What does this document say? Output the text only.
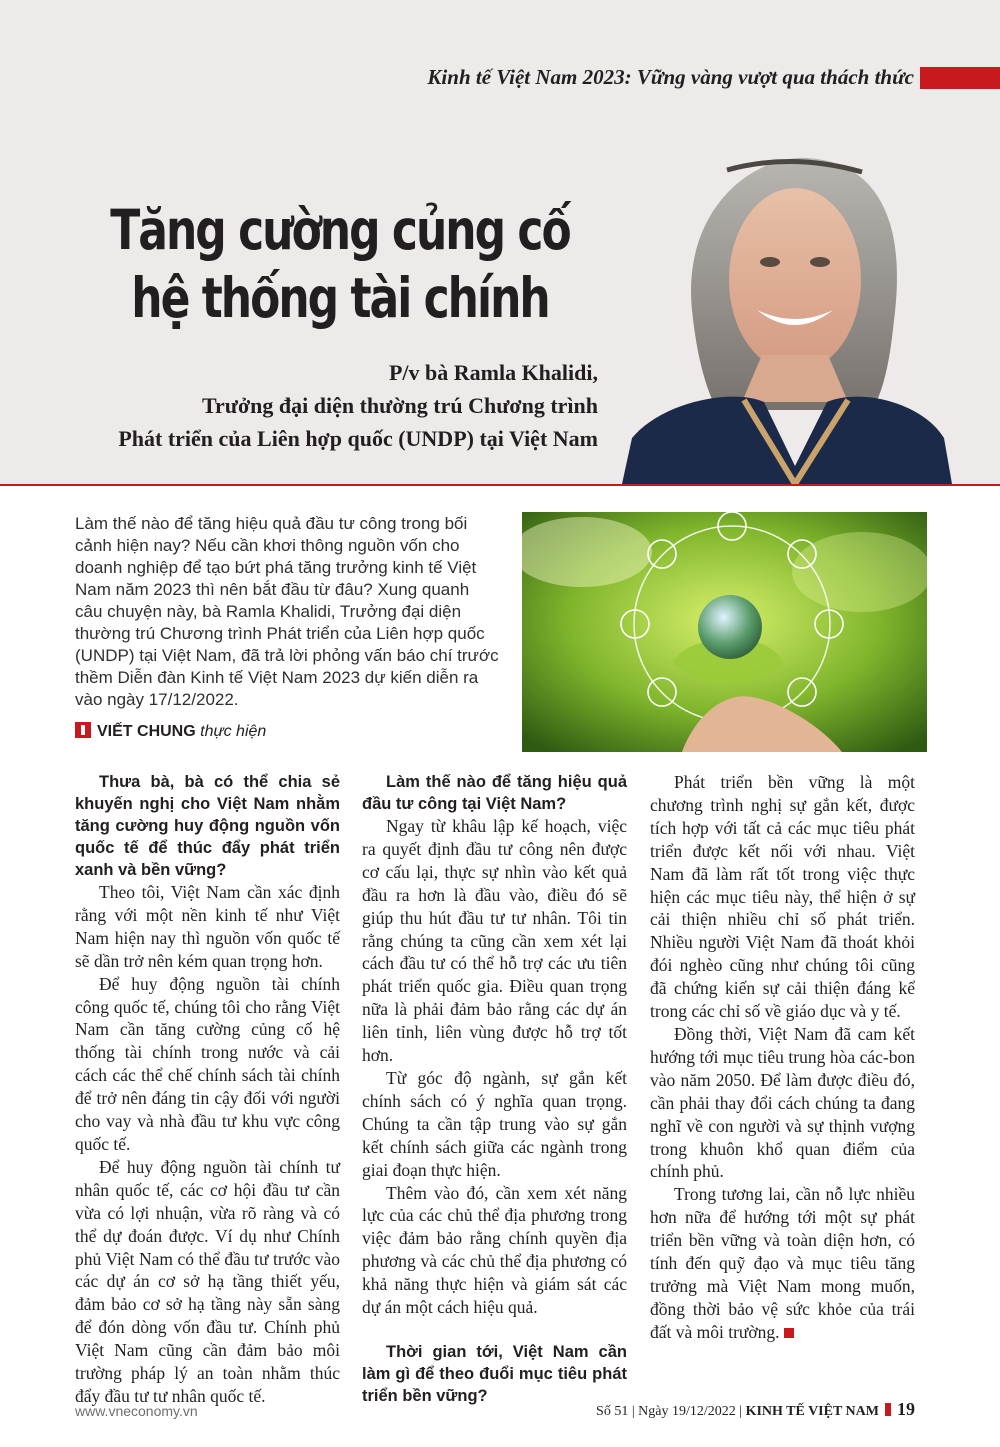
Kinh tế Việt Nam 2023: Vững vàng vượt qua thách thức
Tăng cường củng cố
hệ thống tài chính
P/v bà Ramla Khalidi,
Trưởng đại diện thường trú Chương trình
Phát triển của Liên hợp quốc (UNDP) tại Việt Nam
Làm thế nào để tăng hiệu quả đầu tư công trong bối cảnh hiện nay? Nếu cần khơi thông nguồn vốn cho doanh nghiệp để tạo bứt phá tăng trưởng kinh tế Việt Nam năm 2023 thì nên bắt đầu từ đâu? Xung quanh câu chuyện này, bà Ramla Khalidi, Trưởng đại diện thường trú Chương trình Phát triển của Liên hợp quốc (UNDP) tại Việt Nam, đã trả lời phỏng vấn báo chí trước thềm Diễn đàn Kinh tế Việt Nam 2023 dự kiến diễn ra vào ngày 17/12/2022.
VIẾT CHUNG thực hiện

Thưa bà, bà có thể chia sẻ khuyến nghị cho Việt Nam nhằm tăng cường huy động nguồn vốn quốc tế để thúc đẩy phát triển xanh và bền vững?

Theo tôi, Việt Nam cần xác định rằng với một nền kinh tế như Việt Nam hiện nay thì nguồn vốn quốc tế sẽ dần trở nên kém quan trọng hơn.

Để huy động nguồn tài chính công quốc tế, chúng tôi cho rằng Việt Nam cần tăng cường củng cố hệ thống tài chính trong nước và cải cách các thể chế chính sách tài chính để trở nên đáng tin cậy đối với người cho vay và nhà đầu tư khu vực công quốc tế.

Để huy động nguồn tài chính tư nhân quốc tế, các cơ hội đầu tư cần vừa có lợi nhuận, vừa rõ ràng và có thể dự đoán được. Ví dụ như Chính phủ Việt Nam có thể đầu tư trước vào các dự án cơ sở hạ tầng thiết yếu, đảm bảo cơ sở hạ tầng này sẵn sàng để đón dòng vốn đầu tư. Chính phủ Việt Nam cũng cần đảm bảo môi trường pháp lý an toàn nhằm thúc đẩy đầu tư tư nhân quốc tế.

Làm thế nào để tăng hiệu quả đầu tư công tại Việt Nam?

Ngay từ khâu lập kế hoạch, việc ra quyết định đầu tư công nên được cơ cấu lại, thực sự nhìn vào kết quả đầu ra hơn là đầu vào, điều đó sẽ giúp thu hút đầu tư tư nhân. Tôi tin rằng chúng ta cũng cần xem xét lại cách đầu tư có thể hỗ trợ các ưu tiên phát triển quốc gia. Điều quan trọng nữa là phải đảm bảo rằng các dự án liên tỉnh, liên vùng được hỗ trợ tốt hơn.

Từ góc độ ngành, sự gắn kết chính sách có ý nghĩa quan trọng. Chúng ta cần tập trung vào sự gắn kết chính sách giữa các ngành trong giai đoạn thực hiện.

Thêm vào đó, cần xem xét năng lực của các chủ thể địa phương trong việc đảm bảo rằng chính quyền địa phương và các chủ thể địa phương có khả năng thực hiện và giám sát các dự án một cách hiệu quả.

Thời gian tới, Việt Nam cần làm gì để theo đuổi mục tiêu phát triển bền vững?

Phát triển bền vững là một chương trình nghị sự gắn kết, được tích hợp với tất cả các mục tiêu phát triển được kết nối với nhau. Việt Nam đã làm rất tốt trong việc thực hiện các mục tiêu này, thể hiện ở sự cải thiện nhiều chỉ số phát triển. Nhiều người Việt Nam đã thoát khỏi đói nghèo cũng như chúng tôi cũng đã chứng kiến sự cải thiện đáng kể trong các chỉ số về giáo dục và y tế.

Đồng thời, Việt Nam đã cam kết hướng tới mục tiêu trung hòa các-bon vào năm 2050. Để làm được điều đó, cần phải thay đổi cách chúng ta đang nghĩ về con người và sự thịnh vượng trong khuôn khổ quan điểm của chính phủ.

Trong tương lai, cần nỗ lực nhiều hơn nữa để hướng tới một sự phát triển bền vững và toàn diện hơn, có tính đến quỹ đạo và mục tiêu tăng trưởng mà Việt Nam mong muốn, đồng thời bảo vệ sức khỏe của trái đất và môi trường.

www.vneconomy.vn	Số 51 | Ngày 19/12/2022 | KINH TẾ VIỆT NAM 19
